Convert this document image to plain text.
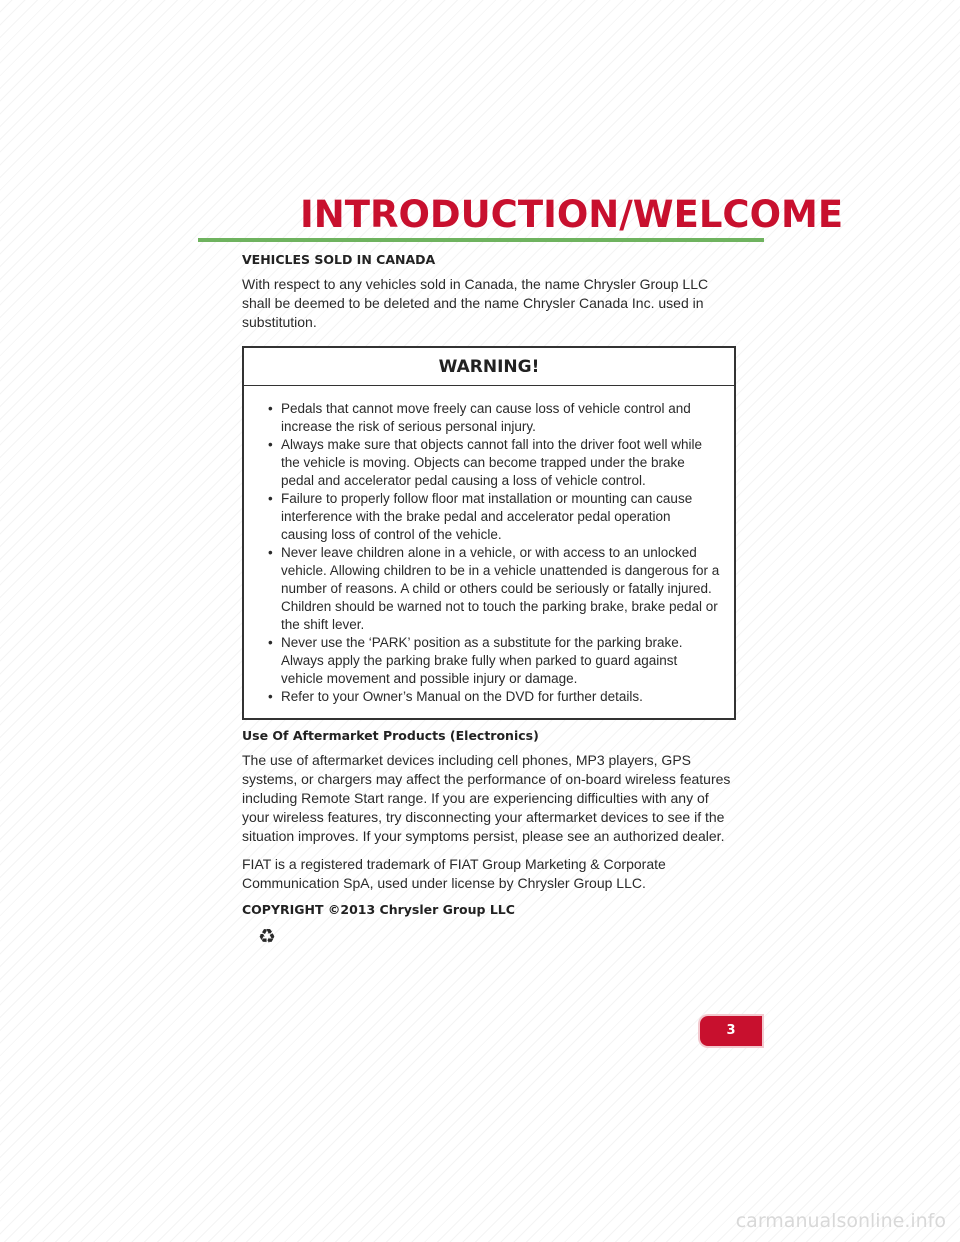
INTRODUCTION/WELCOME
VEHICLES SOLD IN CANADA

With respect to any vehicles sold in Canada, the name Chrysler Group LLC shall be deemed to be deleted and the name Chrysler Canada Inc. used in substitution.

WARNING!
• Pedals that cannot move freely can cause loss of vehicle control and increase the risk of serious personal injury.
• Always make sure that objects cannot fall into the driver foot well while the vehicle is moving. Objects can become trapped under the brake pedal and accelerator pedal causing a loss of vehicle control.
• Failure to properly follow floor mat installation or mounting can cause interference with the brake pedal and accelerator pedal operation causing loss of control of the vehicle.
• Never leave children alone in a vehicle, or with access to an unlocked vehicle. Allowing children to be in a vehicle unattended is dangerous for a number of reasons. A child or others could be seriously or fatally injured. Children should be warned not to touch the parking brake, brake pedal or the shift lever.
• Never use the ‘PARK’ position as a substitute for the parking brake. Always apply the parking brake fully when parked to guard against vehicle movement and possible injury or damage.
• Refer to your Owner’s Manual on the DVD for further details.
Use Of Aftermarket Products (Electronics)

The use of aftermarket devices including cell phones, MP3 players, GPS systems, or chargers may affect the performance of on-board wireless features including Remote Start range. If you are experiencing difficulties with any of your wireless features, try disconnecting your aftermarket devices to see if the situation improves. If your symptoms persist, please see an authorized dealer.

FIAT is a registered trademark of FIAT Group Marketing & Corporate Communication SpA, used under license by Chrysler Group LLC.

COPYRIGHT ©2013 Chrysler Group LLC
♻
3
carmanualsonline.info
